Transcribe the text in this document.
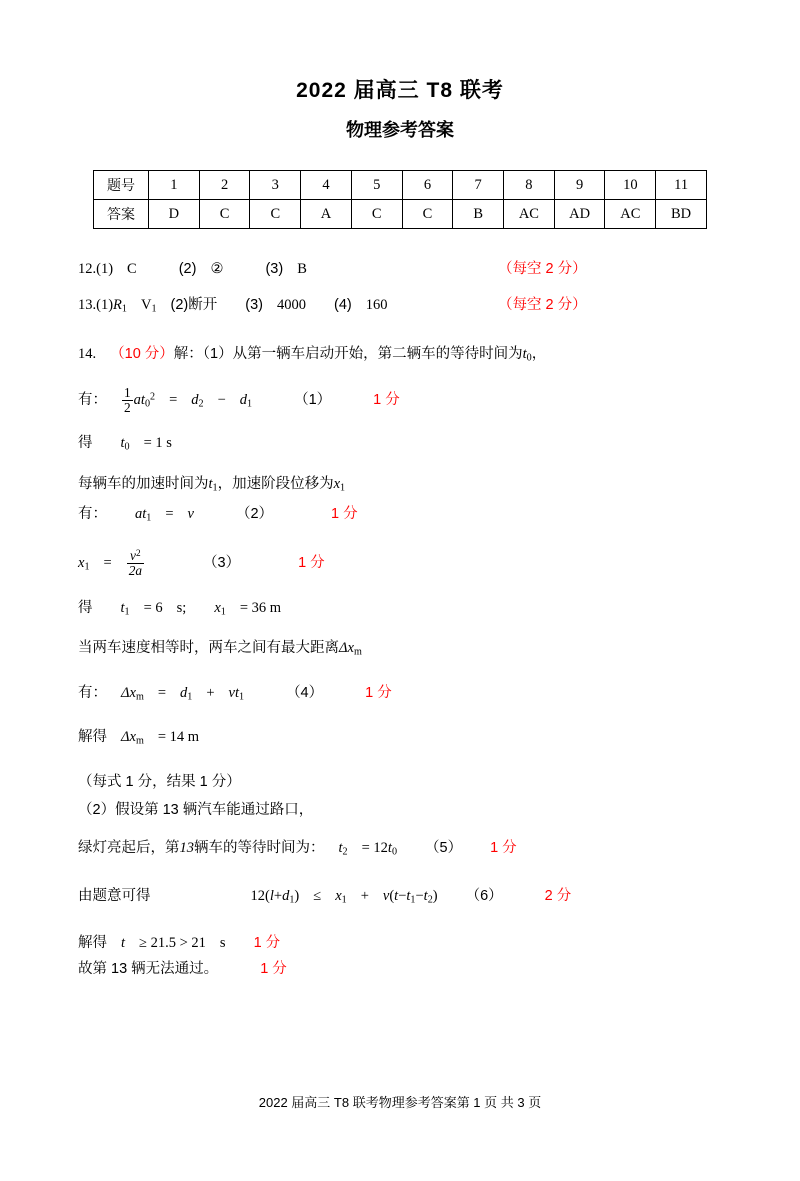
2022 届高三 T8 联考
物理参考答案
题号	1	2	3	4	5	6	7	8	9	10	11
答案	D	C	C	A	C	C	B	AC	AD	AC	BD
12.(1) C	(2) ②	(3) B	（每空 2 分）
$13.(1)R_1$ $V_1$ (2)断开 (3) 4000 (4) 160	（每空 2 分）
14. （10 分）解：（1）从第一辆车启动开始，第二辆车的等待时间为$t_0$，
有： $\frac{1}{2} at_0^2 = d_2 - d_1$	（1）	1 分
得 $t_0 = 1$ s
每辆车的加速时间为$t_1$，加速阶段位移为$x_1$
有： $at_1 = v$	（2）	1 分
$x_1 = \frac{v^2}{2a}$	（3）	1 分
得 $t_1 = 6$ s; $x_1 = 36$ m
当两车速度相等时，两车之间有最大距离$\Delta x_m$
有： $\Delta x_m = d_1 + vt_1$	（4）	1 分
解得 $\Delta x_m = 14$ m
（每式 1 分，结果 1 分）
（2）假设第 13 辆汽车能通过路口，
绿灯亮起后，第13辆车的等待时间为： $t_2 = 12t_0$ （5） 1 分
由题意可得	$12(l+d_1) \le x_1 + v(t-t_1-t_2)$ （6）	2 分
解得 t ≥ 21.5 > 21 s 1 分
故第 13 辆无法通过。	1 分
2022 届高三 T8 联考物理参考答案第 1 页 共 3 页
